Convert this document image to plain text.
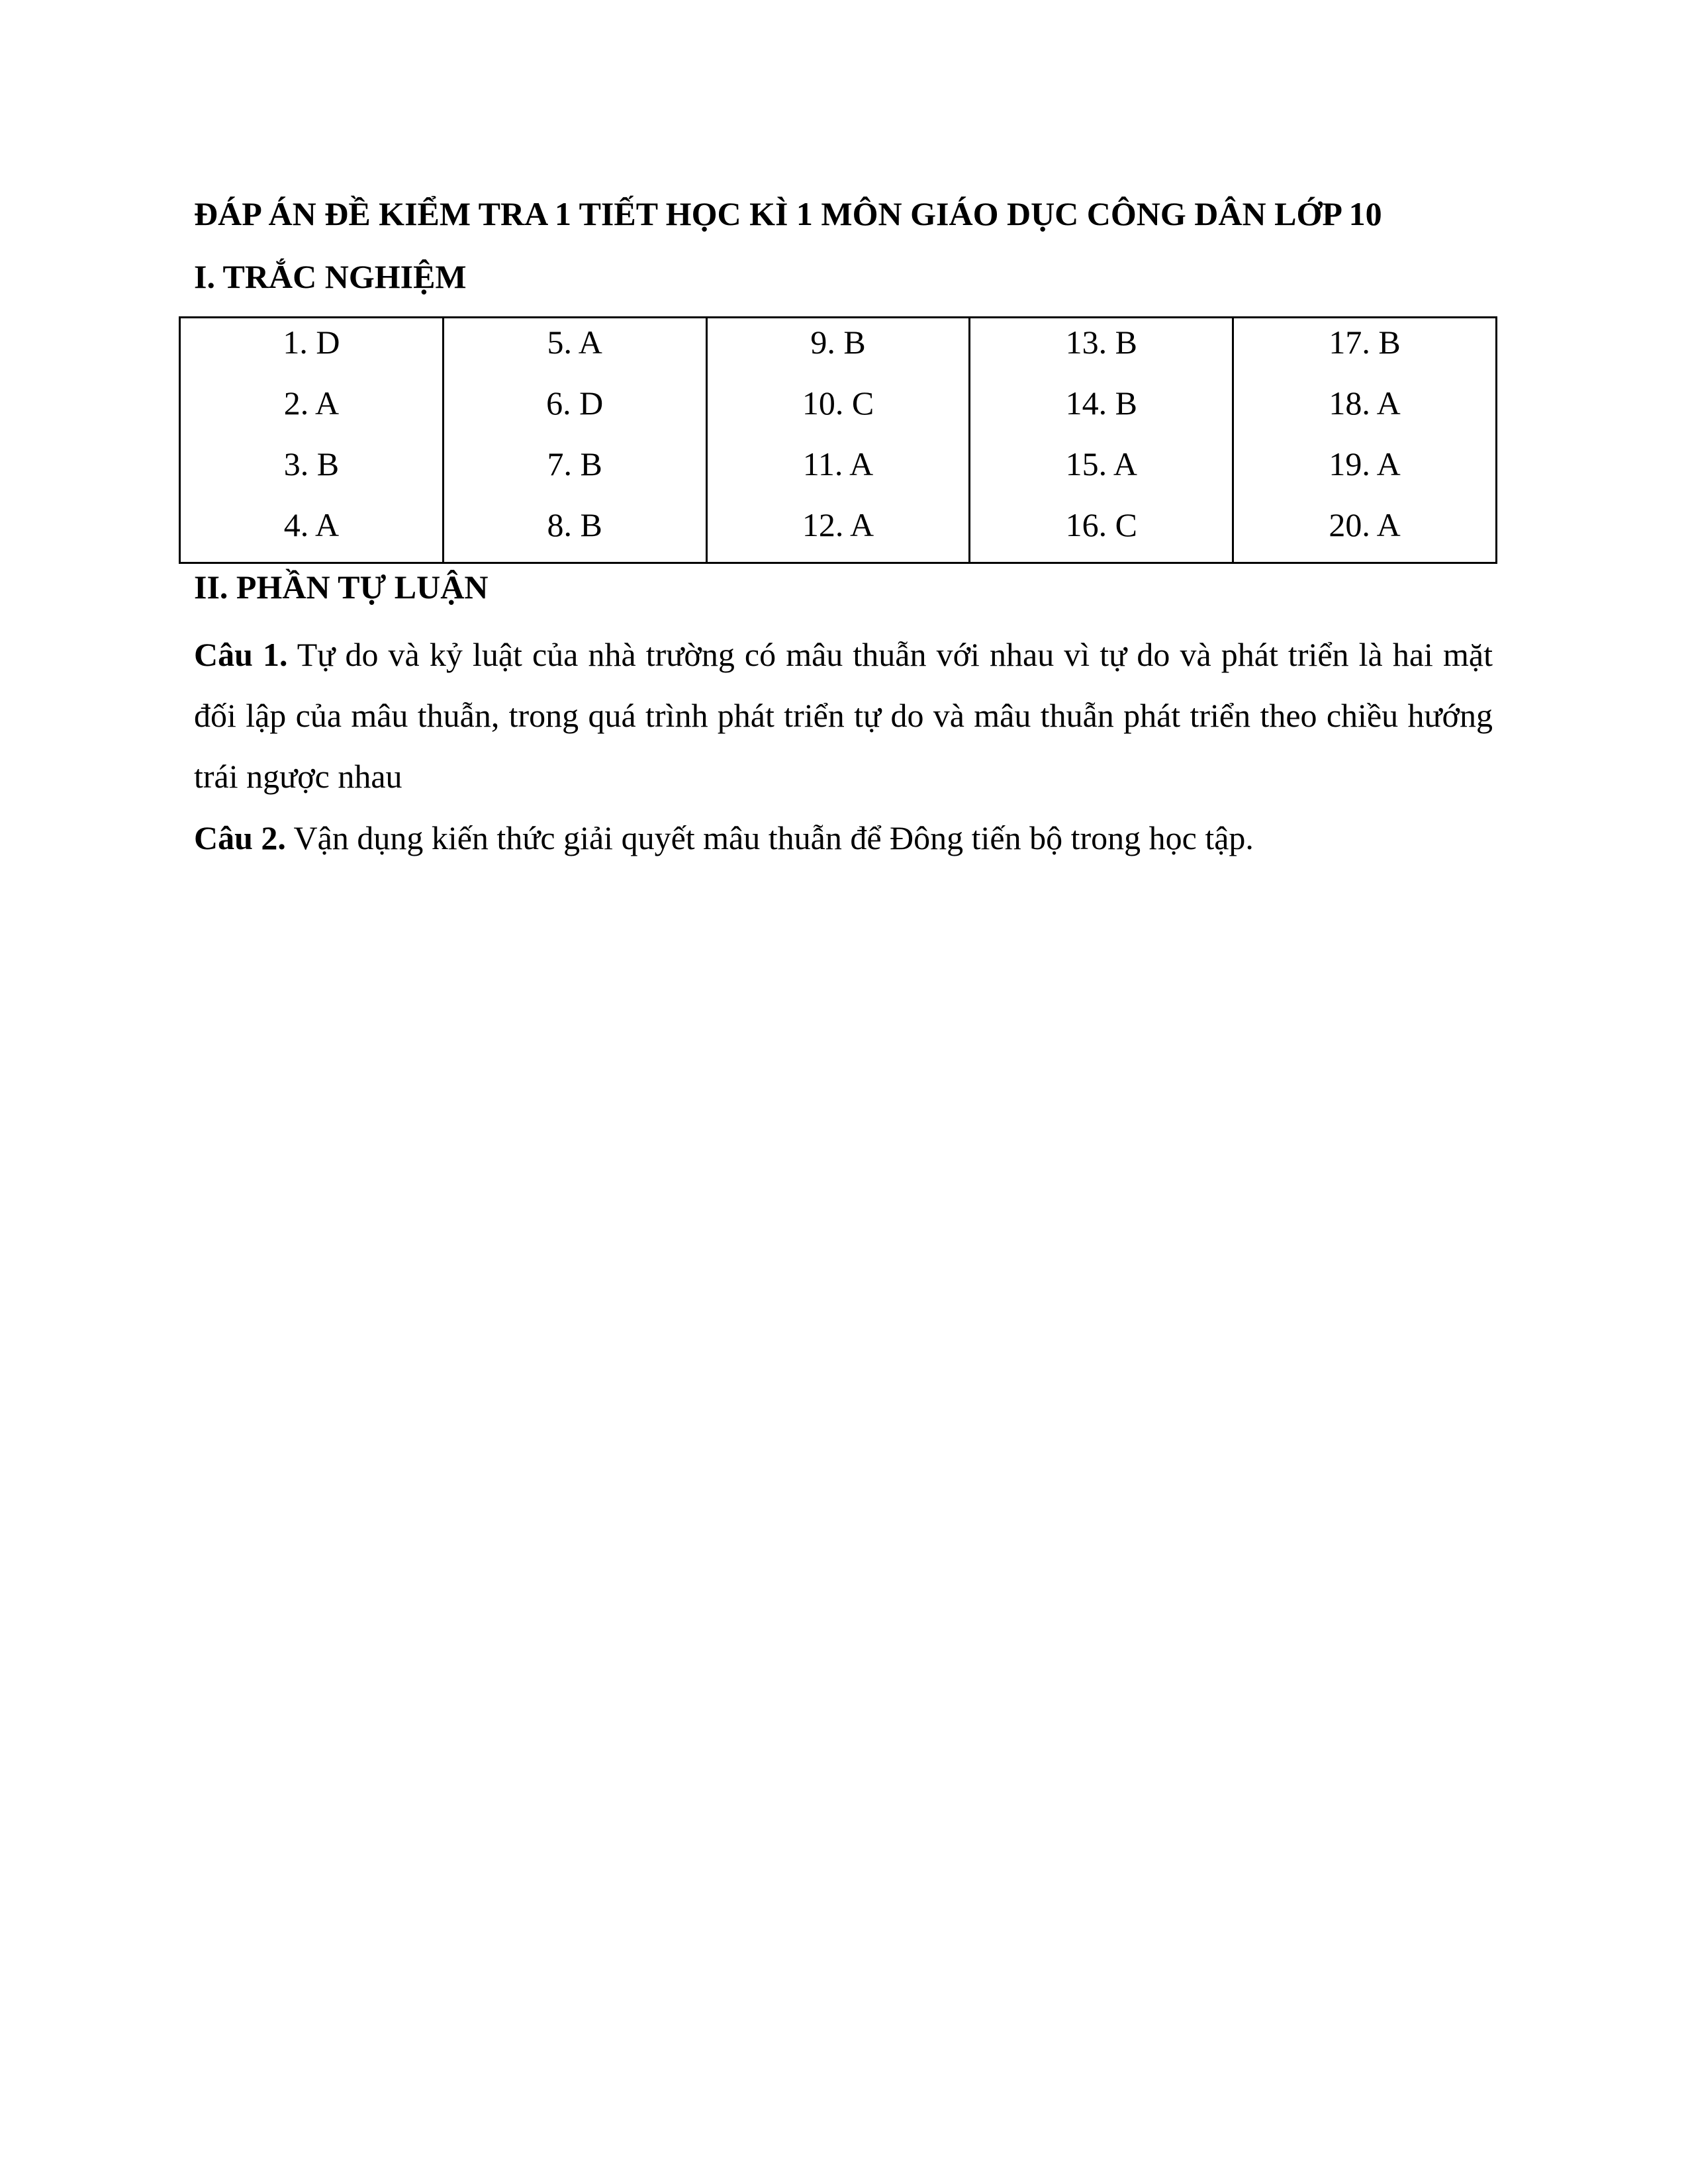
ĐÁP ÁN ĐỀ KIỂM TRA 1 TIẾT HỌC KÌ 1 MÔN GIÁO DỤC CÔNG DÂN LỚP 10
I. TRẮC NGHIỆM
1. D
2. A
3. B
4. A
5. A
6. D
7. B
8. B
9. B
10. C
11. A
12. A
13. B
14. B
15. A
16. C
17. B
18. A
19. A
20. A
II. PHẦN TỰ LUẬN
Câu 1. Tự do và kỷ luật của nhà trường có mâu thuẫn với nhau vì tự do và phát triển là hai mặt đối lập của mâu thuẫn, trong quá trình phát triển tự do và mâu thuẫn phát triển theo chiều hướng trái ngược nhau
Câu 2. Vận dụng kiến thức giải quyết mâu thuẫn để Đông tiến bộ trong học tập.
